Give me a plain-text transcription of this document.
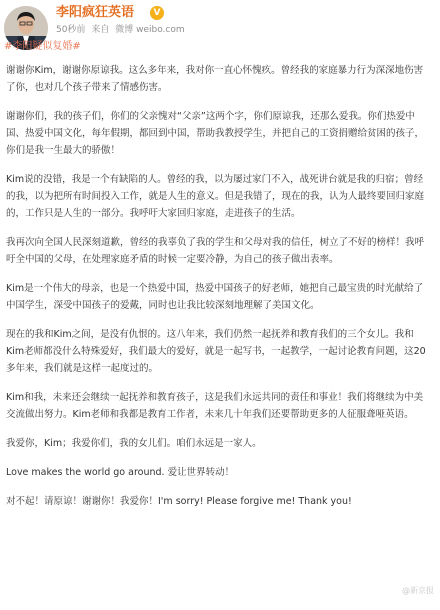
李阳疯狂英语	V
50秒前 来自 微博 weibo.com
#李阳疑似复婚#

谢谢你Kim，谢谢你原谅我。这么多年来，我对你一直心怀愧疚。曾经我的家庭暴力行为深深地伤害了你，也对几个孩子带来了情感伤害。

谢谢你们，我的孩子们，你们的父亲愧对“父亲”这两个字，你们原谅我，还那么爱我。你们热爱中国、热爱中国文化，每年假期，都回到中国，帮助我教授学生，并把自己的工资捐赠给贫困的孩子，你们是我一生最大的骄傲！

Kim说的没错，我是一个有缺陷的人。曾经的我，以为屡过家门不入，战死讲台就是我的归宿；曾经的我，以为把所有时间投入工作，就是人生的意义。但是我错了，现在的我，认为人最终要回归家庭的，工作只是人生的一部分。我呼吁大家回归家庭，走进孩子的生活。

我再次向全国人民深刻道歉，曾经的我辜负了我的学生和父母对我的信任，树立了不好的榜样！我呼吁全中国的父母，在处理家庭矛盾的时候一定要冷静，为自己的孩子做出表率。

Kim是一个伟大的母亲，也是一个热爱中国，热爱中国孩子的好老师，她把自己最宝贵的时光献给了中国学生，深受中国孩子的爱戴，同时也让我比较深刻地理解了美国文化。

现在的我和Kim之间，是没有仇恨的。这八年来，我们仍然一起抚养和教育我们的三个女儿。我和Kim老师都没什么特殊爱好，我们最大的爱好，就是一起写书，一起教学，一起讨论教育问题，这20多年来，我们就是这样一起度过的。

Kim和我，未来还会继续一起抚养和教育孩子，这是我们永远共同的责任和事业！我们将继续为中美交流做出努力。Kim老师和我都是教育工作者，未来几十年我们还要帮助更多的人征服聋哑英语。

我爱你，Kim；我爱你们，我的女儿们。咱们永远是一家人。

Love makes the world go around. 爱让世界转动！

对不起！请原谅！谢谢你！我爱你！I'm sorry! Please forgive me! Thank you!

@新京报
